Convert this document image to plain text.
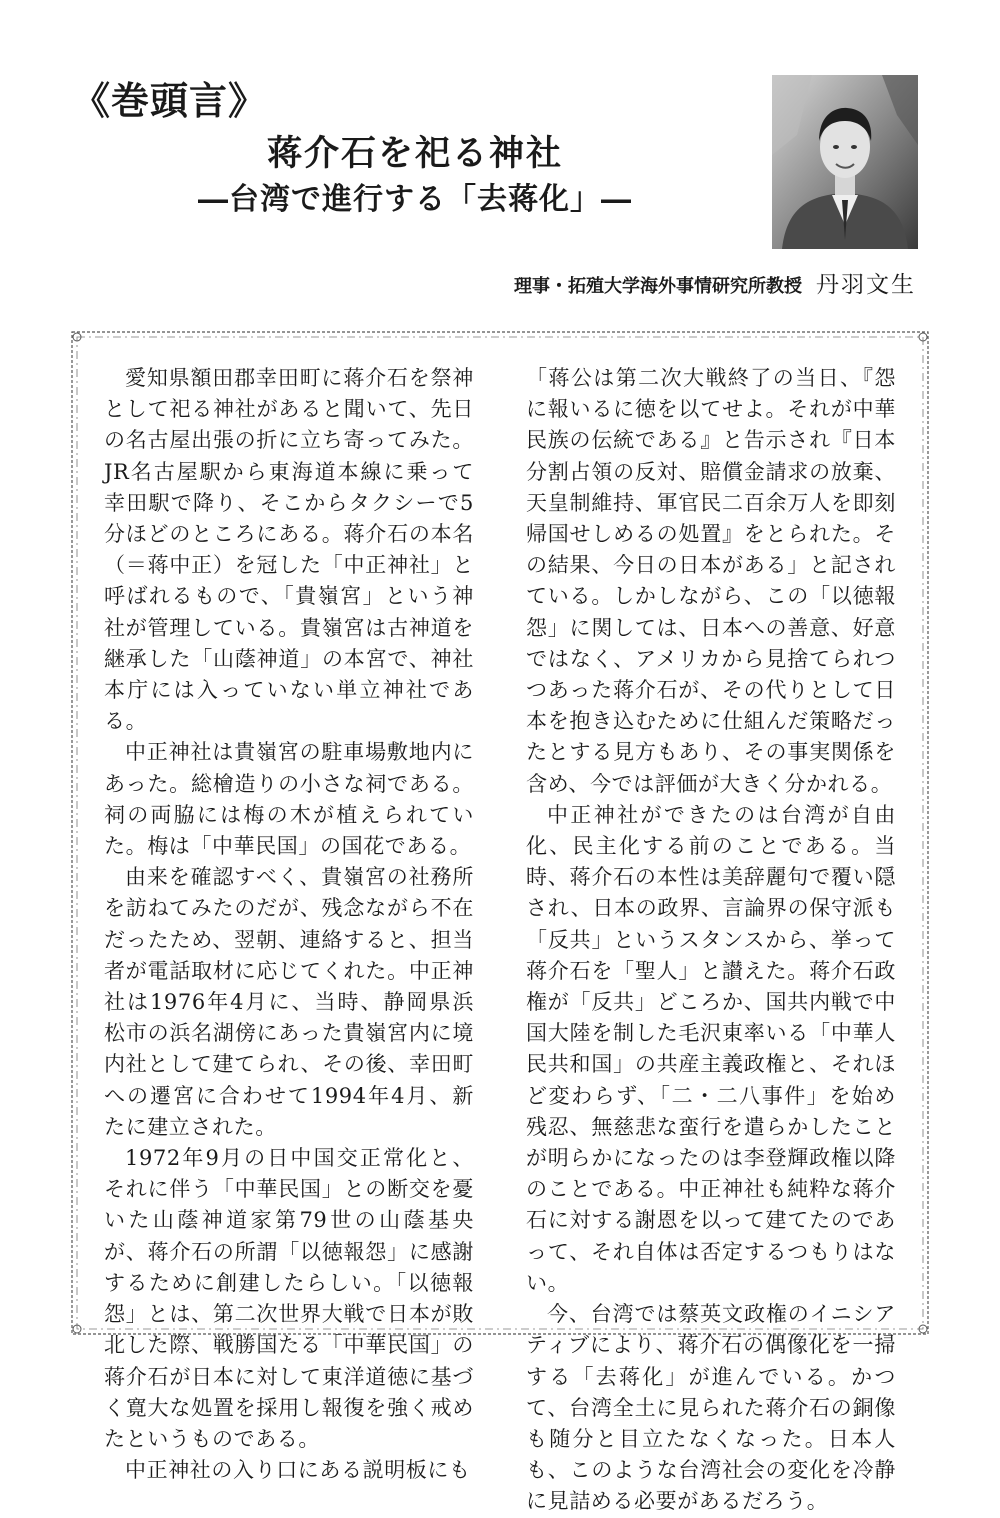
《巻頭言》
蒋介石を祀る神社
―台湾で進行する「去蒋化」―
理事・拓殖大学海外事情研究所教授 丹羽文生

愛知県額田郡幸田町に蒋介石を祭神として祀る神社があると聞いて、先日の名古屋出張の折に立ち寄ってみた。JR名古屋駅から東海道本線に乗って幸田駅で降り、そこからタクシーで5分ほどのところにある。蒋介石の本名（＝蒋中正）を冠した「中正神社」と呼ばれるもので、「貴嶺宮」という神社が管理している。貴嶺宮は古神道を継承した「山蔭神道」の本宮で、神社本庁には入っていない単立神社である。

中正神社は貴嶺宮の駐車場敷地内にあった。総檜造りの小さな祠である。祠の両脇には梅の木が植えられていた。梅は「中華民国」の国花である。

由来を確認すべく、貴嶺宮の社務所を訪ねてみたのだが、残念ながら不在だったため、翌朝、連絡すると、担当者が電話取材に応じてくれた。中正神社は1976年4月に、当時、静岡県浜松市の浜名湖傍にあった貴嶺宮内に境内社として建てられ、その後、幸田町への遷宮に合わせて1994年4月、新たに建立された。

1972年9月の日中国交正常化と、それに伴う「中華民国」との断交を憂いた山蔭神道家第79世の山蔭基央が、蒋介石の所謂「以徳報怨」に感謝するために創建したらしい。「以徳報怨」とは、第二次世界大戦で日本が敗北した際、戦勝国たる「中華民国」の蒋介石が日本に対して東洋道徳に基づく寛大な処置を採用し報復を強く戒めたというものである。

中正神社の入り口にある説明板にも

「蒋公は第二次大戦終了の当日、『怨に報いるに徳を以てせよ。それが中華民族の伝統である』と告示され『日本分割占領の反対、賠償金請求の放棄、天皇制維持、軍官民二百余万人を即刻帰国せしめるの処置』をとられた。その結果、今日の日本がある」と記されている。しかしながら、この「以徳報怨」に関しては、日本への善意、好意ではなく、アメリカから見捨てられつつあった蒋介石が、その代りとして日本を抱き込むために仕組んだ策略だったとする見方もあり、その事実関係を含め、今では評価が大きく分かれる。

中正神社ができたのは台湾が自由化、民主化する前のことである。当時、蒋介石の本性は美辞麗句で覆い隠され、日本の政界、言論界の保守派も「反共」というスタンスから、挙って蒋介石を「聖人」と讃えた。蒋介石政権が「反共」どころか、国共内戦で中国大陸を制した毛沢東率いる「中華人民共和国」の共産主義政権と、それほど変わらず、「二・二八事件」を始め残忍、無慈悲な蛮行を遣らかしたことが明らかになったのは李登輝政権以降のことである。中正神社も純粋な蒋介石に対する謝恩を以って建てたのであって、それ自体は否定するつもりはない。

今、台湾では蔡英文政権のイニシアティブにより、蒋介石の偶像化を一掃する「去蒋化」が進んでいる。かつて、台湾全土に見られた蒋介石の銅像も随分と目立たなくなった。日本人も、このような台湾社会の変化を冷静に見詰める必要があるだろう。
